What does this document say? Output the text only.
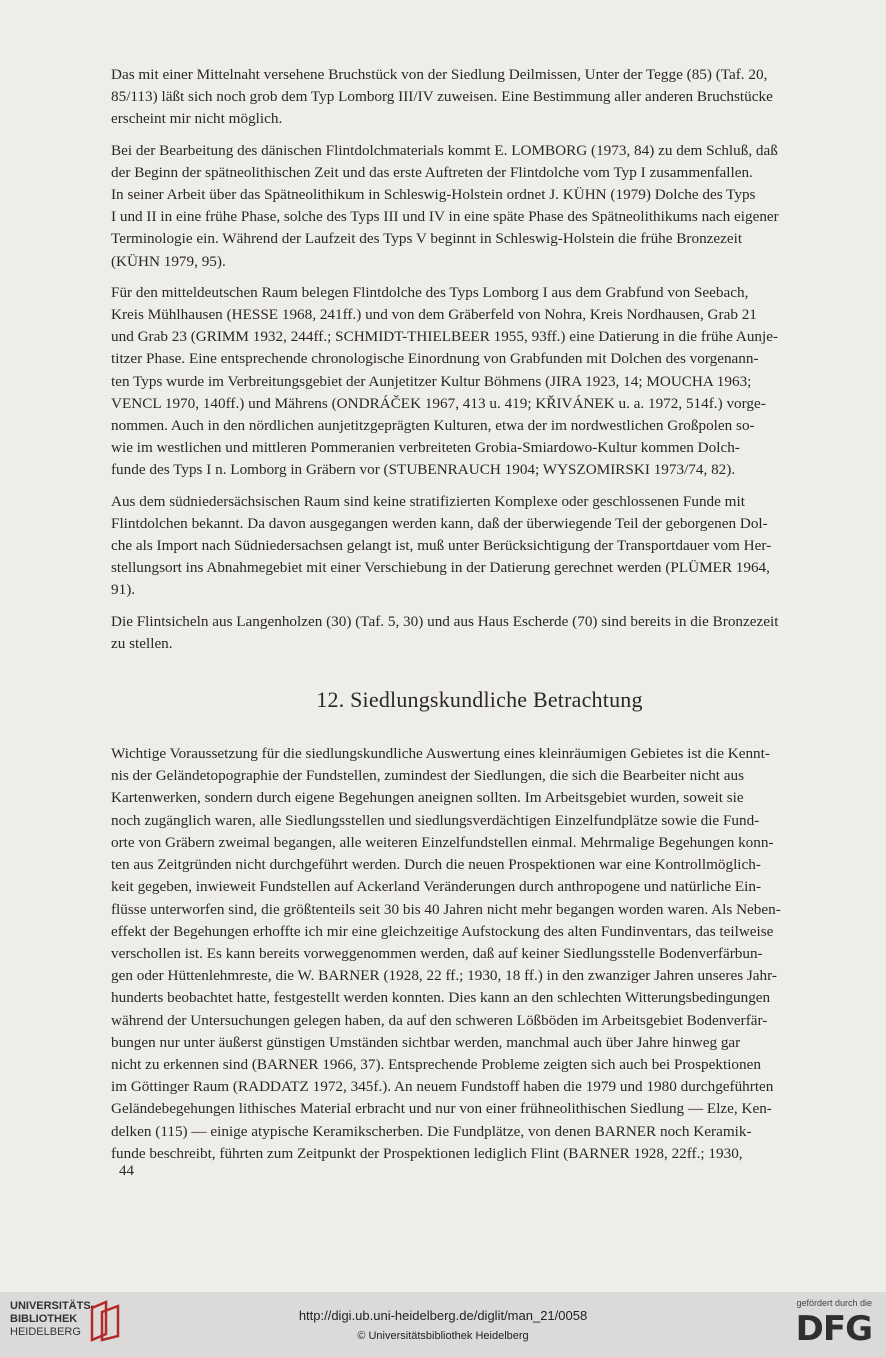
Das mit einer Mittelnaht versehene Bruchstück von der Siedlung Deilmissen, Unter der Tegge (85) (Taf. 20,
85/113) läßt sich noch grob dem Typ Lomborg III/IV zuweisen. Eine Bestimmung aller anderen Bruchstücke
erscheint mir nicht möglich.

Bei der Bearbeitung des dänischen Flintdolchmaterials kommt E. LOMBORG (1973, 84) zu dem Schluß, daß
der Beginn der spätneolithischen Zeit und das erste Auftreten der Flintdolche vom Typ I zusammenfallen.
In seiner Arbeit über das Spätneolithikum in Schleswig-Holstein ordnet J. KÜHN (1979) Dolche des Typs
I und II in eine frühe Phase, solche des Typs III und IV in eine späte Phase des Spätneolithikums nach eigener
Terminologie ein. Während der Laufzeit des Typs V beginnt in Schleswig-Holstein die frühe Bronzezeit
(KÜHN 1979, 95).

Für den mitteldeutschen Raum belegen Flintdolche des Typs Lomborg I aus dem Grabfund von Seebach,
Kreis Mühlhausen (HESSE 1968, 241ff.) und von dem Gräberfeld von Nohra, Kreis Nordhausen, Grab 21
und Grab 23 (GRIMM 1932, 244ff.; SCHMIDT-THIELBEER 1955, 93ff.) eine Datierung in die frühe Aunje-
titzer Phase. Eine entsprechende chronologische Einordnung von Grabfunden mit Dolchen des vorgenann-
ten Typs wurde im Verbreitungsgebiet der Aunjetitzer Kultur Böhmens (JIRA 1923, 14; MOUCHA 1963;
VENCL 1970, 140ff.) und Mährens (ONDRÁČEK 1967, 413 u. 419; KŘIVÁNEK u. a. 1972, 514f.) vorge-
nommen. Auch in den nördlichen aunjetitzgeprägten Kulturen, etwa der im nordwestlichen Großpolen so-
wie im westlichen und mittleren Pommeranien verbreiteten Grobia-Smiardowo-Kultur kommen Dolch-
funde des Typs I n. Lomborg in Gräbern vor (STUBENRAUCH 1904; WYSZOMIRSKI 1973/74, 82).

Aus dem südniedersächsischen Raum sind keine stratifizierten Komplexe oder geschlossenen Funde mit
Flintdolchen bekannt. Da davon ausgegangen werden kann, daß der überwiegende Teil der geborgenen Dol-
che als Import nach Südniedersachsen gelangt ist, muß unter Berücksichtigung der Transportdauer vom Her-
stellungsort ins Abnahmegebiet mit einer Verschiebung in der Datierung gerechnet werden (PLÜMER 1964,
91).

Die Flintsicheln aus Langenholzen (30) (Taf. 5, 30) und aus Haus Escherde (70) sind bereits in die Bronzezeit
zu stellen.

12. Siedlungskundliche Betrachtung

Wichtige Voraussetzung für die siedlungskundliche Auswertung eines kleinräumigen Gebietes ist die Kennt-
nis der Geländetopographie der Fundstellen, zumindest der Siedlungen, die sich die Bearbeiter nicht aus
Kartenwerken, sondern durch eigene Begehungen aneignen sollten. Im Arbeitsgebiet wurden, soweit sie
noch zugänglich waren, alle Siedlungsstellen und siedlungsverdächtigen Einzelfundplätze sowie die Fund-
orte von Gräbern zweimal begangen, alle weiteren Einzelfundstellen einmal. Mehrmalige Begehungen konn-
ten aus Zeitgründen nicht durchgeführt werden. Durch die neuen Prospektionen war eine Kontrollmöglich-
keit gegeben, inwieweit Fundstellen auf Ackerland Veränderungen durch anthropogene und natürliche Ein-
flüsse unterworfen sind, die größtenteils seit 30 bis 40 Jahren nicht mehr begangen worden waren. Als Neben-
effekt der Begehungen erhoffte ich mir eine gleichzeitige Aufstockung des alten Fundinventars, das teilweise
verschollen ist. Es kann bereits vorweggenommen werden, daß auf keiner Siedlungsstelle Bodenverfärbun-
gen oder Hüttenlehmreste, die W. BARNER (1928, 22 ff.; 1930, 18 ff.) in den zwanziger Jahren unseres Jahr-
hunderts beobachtet hatte, festgestellt werden konnten. Dies kann an den schlechten Witterungsbedingungen
während der Untersuchungen gelegen haben, da auf den schweren Lößböden im Arbeitsgebiet Bodenverfär-
bungen nur unter äußerst günstigen Umständen sichtbar werden, manchmal auch über Jahre hinweg gar
nicht zu erkennen sind (BARNER 1966, 37). Entsprechende Probleme zeigten sich auch bei Prospektionen
im Göttinger Raum (RADDATZ 1972, 345f.). An neuem Fundstoff haben die 1979 und 1980 durchgeführten
Geländebegehungen lithisches Material erbracht und nur von einer frühneolithischen Siedlung — Elze, Ken-
delken (115) — einige atypische Keramikscherben. Die Fundplätze, von denen BARNER noch Keramik-
funde beschreibt, führten zum Zeitpunkt der Prospektionen lediglich Flint (BARNER 1928, 22ff.; 1930,

44
UNIVERSITÄTS-
BIBLIOTHEK
HEIDELBERG
http://digi.ub.uni-heidelberg.de/diglit/man_21/0058
© Universitätsbibliothek Heidelberg
gefördert durch die
DFG
